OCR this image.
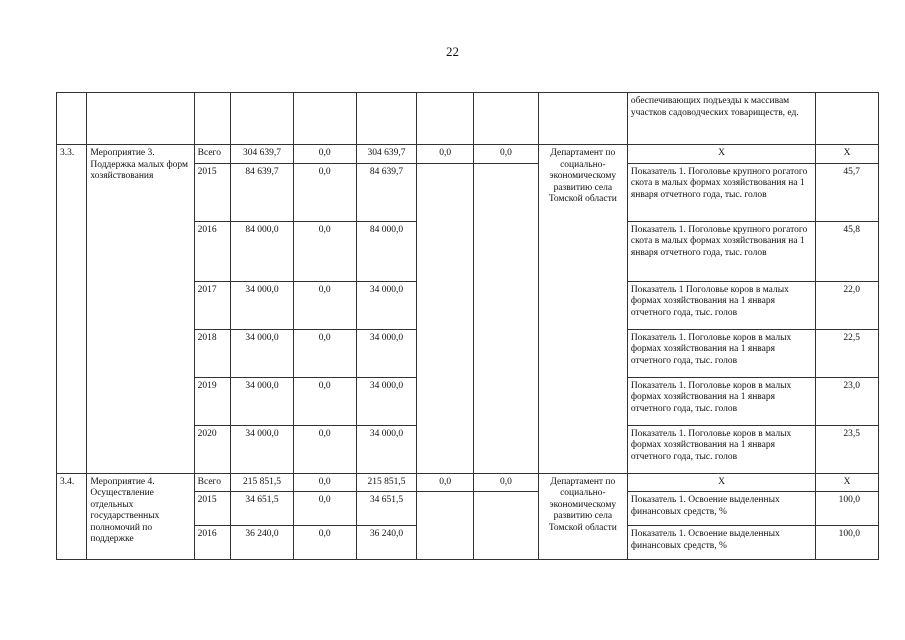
22
									обеспечивающих подъезды к массивам участков садоводческих товариществ, ед.	
3.3.	Мероприятие 3. Поддержка малых форм хозяйствования	Всего	304 639,7	0,0	304 639,7	0,0	0,0	Департамент по социально-экономическому развитию села Томской области	X	X
		2015	84 639,7	0,0	84 639,7				Показатель 1. Поголовье крупного рогатого скота в малых формах хозяйствования на 1 января отчетного года, тыс. голов	45,7
		2016	84 000,0	0,0	84 000,0				Показатель 1. Поголовье крупного рогатого скота в малых формах хозяйствования на 1 января отчетного года, тыс. голов	45,8
		2017	34 000,0	0,0	34 000,0				Показатель 1 Поголовье коров в малых формах хозяйствования на 1 января отчетного года, тыс. голов	22,0
		2018	34 000,0	0,0	34 000,0				Показатель 1. Поголовье коров в малых формах хозяйствования на 1 января отчетного года, тыс. голов	22,5
		2019	34 000,0	0,0	34 000,0				Показатель 1. Поголовье коров в малых формах хозяйствования на 1 января отчетного года, тыс. голов	23,0
		2020	34 000,0	0,0	34 000,0				Показатель 1. Поголовье коров в малых формах хозяйствования на 1 января отчетного года, тыс. голов	23,5
3.4.	Мероприятие 4. Осуществление отдельных государственных полномочий по поддержке	Всего	215 851,5	0,0	215 851,5	0,0	0,0	Департамент по социально-экономическому развитию села Томской области	X	X
		2015	34 651,5	0,0	34 651,5				Показатель 1. Освоение выделенных финансовых средств, %	100,0
		2016	36 240,0	0,0	36 240,0				Показатель 1. Освоение выделенных финансовых средств, %	100,0
